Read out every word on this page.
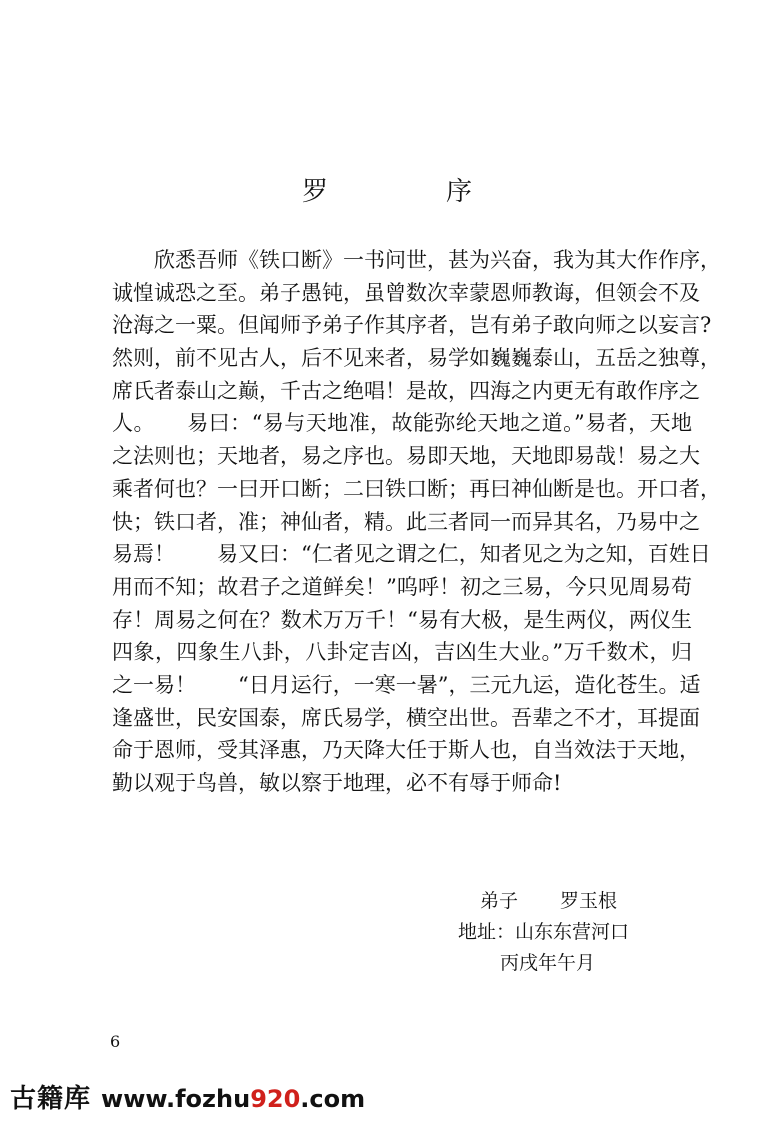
罗　序
　　欣悉吾师《铁口断》一书问世，甚为兴奋，我为其大作作序，
诚惶诚恐之至。弟子愚钝，虽曾数次幸蒙恩师教诲，但领会不及
沧海之一粟。但闻师予弟子作其序者，岂有弟子敢向师之以妄言?
然则，前不见古人，后不见来者，易学如巍巍泰山，五岳之独尊，
席氏者泰山之巅，千古之绝唱！是故，四海之内更无有敢作序之
人。　　易曰：“易与天地准，故能弥纶天地之道。”易者，天地
之法则也；天地者，易之序也。易即天地，天地即易哉！易之大
乘者何也？一曰开口断；二曰铁口断；再曰神仙断是也。开口者，
快；铁口者，准；神仙者，精。此三者同一而异其名，乃易中之
易焉！　　易又曰：“仁者见之谓之仁，知者见之为之知，百姓日
用而不知；故君子之道鲜矣！”呜呼！初之三易，今只见周易苟
存！周易之何在？数术万万千！“易有大极，是生两仪，两仪生
四象，四象生八卦，八卦定吉凶，吉凶生大业。”万千数术，归
之一易！　　“日月运行，一寒一暑”，三元九运，造化苍生。适
逢盛世，民安国泰，席氏易学，横空出世。吾辈之不才，耳提面
命于恩师，受其泽惠，乃天降大任于斯人也，自当效法于天地，
勤以观于鸟兽，敏以察于地理，必不有辱于师命!
弟子 罗玉根
地址：山东东营河口
丙戌年午月
6
古籍库 www.fozhu920.com
